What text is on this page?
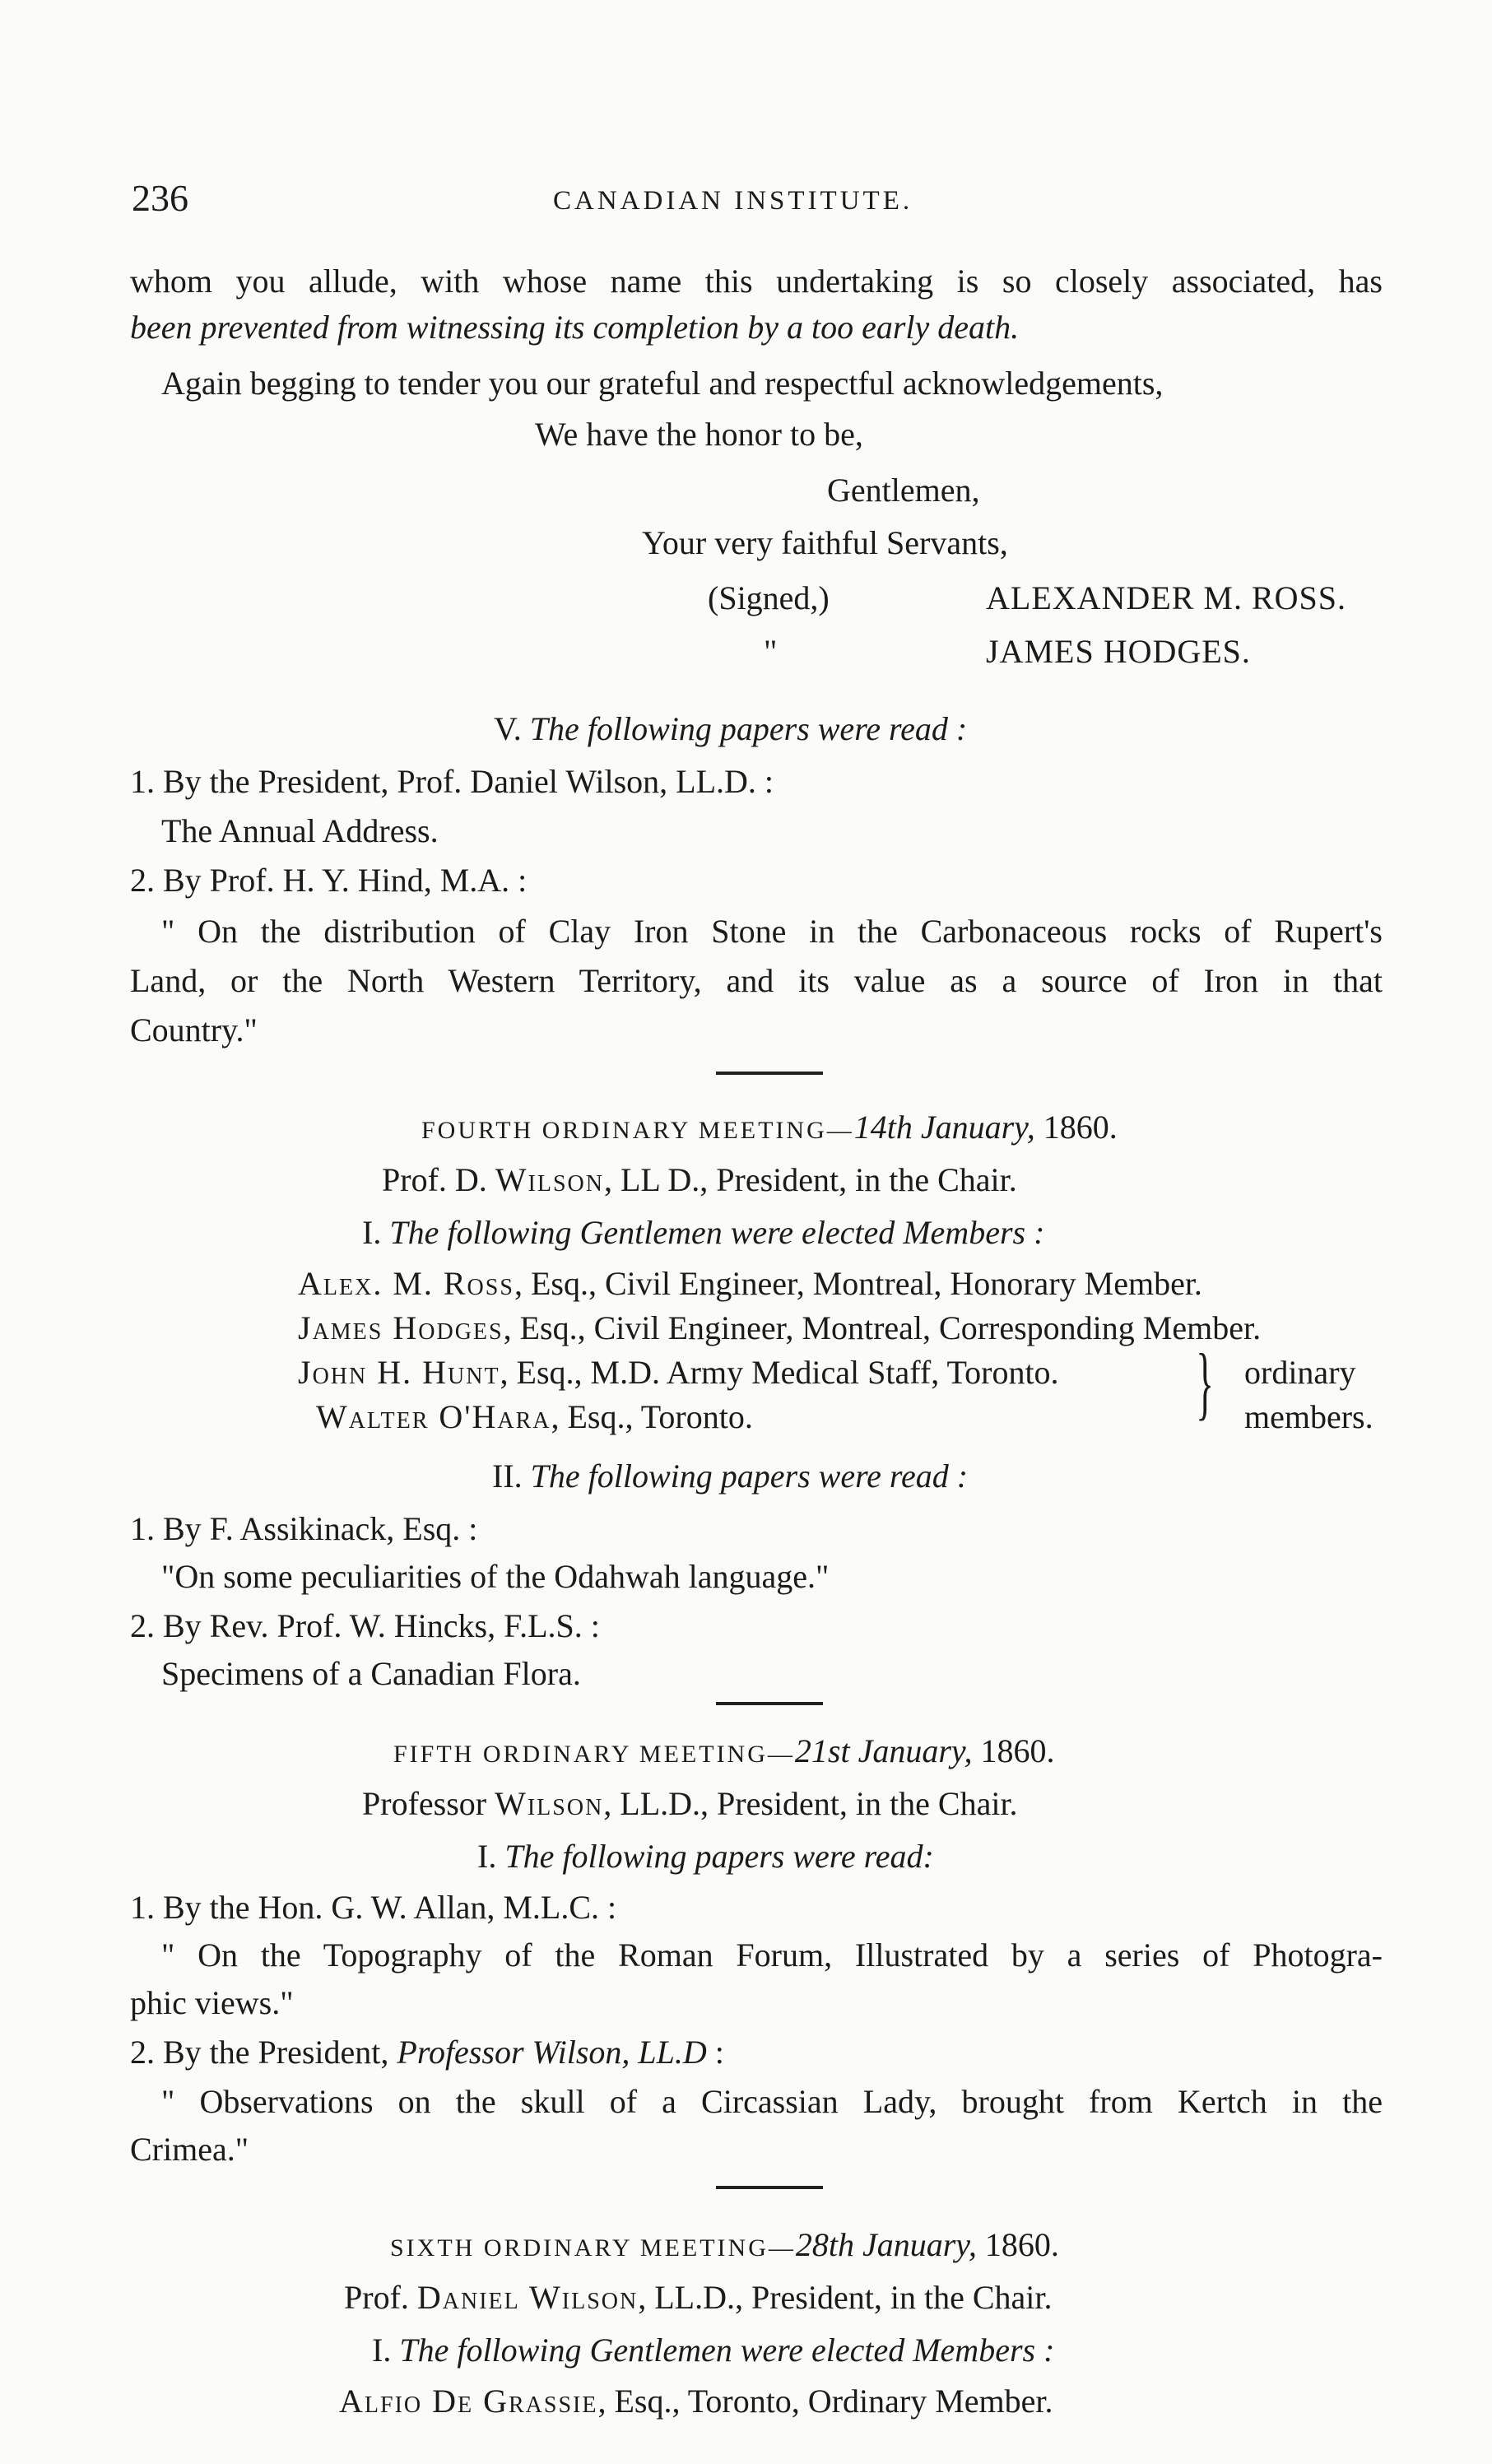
236	CANADIAN INSTITUTE.
whom you allude, with whose name this undertaking is so closely associated, has
been prevented from witnessing its completion by a too early death.
Again begging to tender you our grateful and respectful acknowledgements,
We have the honor to be,
Gentlemen,
Your very faithful Servants,
(Signed,)	ALEXANDER M. ROSS.
"	JAMES HODGES.
V. The following papers were read :
1. By the President, Prof. Daniel Wilson, LL.D. :
The Annual Address.
2. By Prof. H. Y. Hind, M.A. :
" On the distribution of Clay Iron Stone in the Carbonaceous rocks of Rupert's
Land, or the North Western Territory, and its value as a source of Iron in that
Country."
FOURTH ORDINARY MEETING—14th January, 1860.
Prof. D. Wilson, LL D., President, in the Chair.
I. The following Gentlemen were elected Members :
Alex. M. Ross, Esq., Civil Engineer, Montreal, Honorary Member.
James Hodges, Esq., Civil Engineer, Montreal, Corresponding Member.
John H. Hunt, Esq., M.D. Army Medical Staff, Toronto.
Walter O'Hara, Esq., Toronto.	} ordinary
members.
II. The following papers were read :
1. By F. Assikinack, Esq. :
"On some peculiarities of the Odahwah language."
2. By Rev. Prof. W. Hincks, F.L.S. :
Specimens of a Canadian Flora.
FIFTH ORDINARY MEETING—21st January, 1860.
Professor Wilson, LL.D., President, in the Chair.
I. The following papers were read:
1. By the Hon. G. W. Allan, M.L.C. :
" On the Topography of the Roman Forum, Illustrated by a series of Photogra-
phic views."
2. By the President, Professor Wilson, LL.D :
" Observations on the skull of a Circassian Lady, brought from Kertch in the
Crimea."
SIXTH ORDINARY MEETING—28th January, 1860.
Prof. Daniel Wilson, LL.D., President, in the Chair.
I. The following Gentlemen were elected Members :
Alfio De Grassie, Esq., Toronto, Ordinary Member.
